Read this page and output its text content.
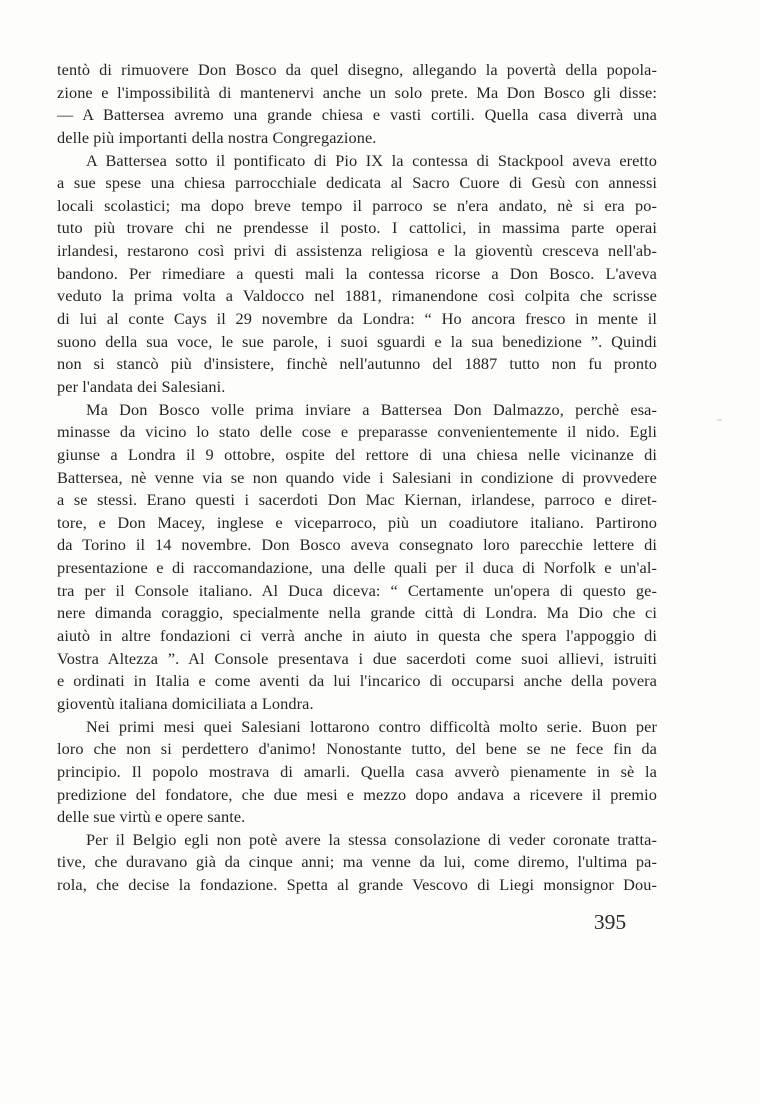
tentò di rimuovere Don Bosco da quel disegno, allegando la povertà della popola-
zione e l'impossibilità di mantenervi anche un solo prete. Ma Don Bosco gli disse:
— A Battersea avremo una grande chiesa e vasti cortili. Quella casa diverrà una
delle più importanti della nostra Congregazione.
A Battersea sotto il pontificato di Pio IX la contessa di Stackpool aveva eretto
a sue spese una chiesa parrocchiale dedicata al Sacro Cuore di Gesù con annessi
locali scolastici; ma dopo breve tempo il parroco se n'era andato, nè si era po-
tuto più trovare chi ne prendesse il posto. I cattolici, in massima parte operai
irlandesi, restarono così privi di assistenza religiosa e la gioventù cresceva nell'ab-
bandono. Per rimediare a questi mali la contessa ricorse a Don Bosco. L'aveva
veduto la prima volta a Valdocco nel 1881, rimanendone così colpita che scrisse
di lui al conte Cays il 29 novembre da Londra: “ Ho ancora fresco in mente il
suono della sua voce, le sue parole, i suoi sguardi e la sua benedizione ”. Quindi
non si stancò più d'insistere, finchè nell'autunno del 1887 tutto non fu pronto
per l'andata dei Salesiani.
Ma Don Bosco volle prima inviare a Battersea Don Dalmazzo, perchè esa-
minasse da vicino lo stato delle cose e preparasse convenientemente il nido. Egli
giunse a Londra il 9 ottobre, ospite del rettore di una chiesa nelle vicinanze di
Battersea, nè venne via se non quando vide i Salesiani in condizione di provvedere
a se stessi. Erano questi i sacerdoti Don Mac Kiernan, irlandese, parroco e diret-
tore, e Don Macey, inglese e viceparroco, più un coadiutore italiano. Partirono
da Torino il 14 novembre. Don Bosco aveva consegnato loro parecchie lettere di
presentazione e di raccomandazione, una delle quali per il duca di Norfolk e un'al-
tra per il Console italiano. Al Duca diceva: “ Certamente un'opera di questo ge-
nere dimanda coraggio, specialmente nella grande città di Londra. Ma Dio che ci
aiutò in altre fondazioni ci verrà anche in aiuto in questa che spera l'appoggio di
Vostra Altezza ”. Al Console presentava i due sacerdoti come suoi allievi, istruiti
e ordinati in Italia e come aventi da lui l'incarico di occuparsi anche della povera
gioventù italiana domiciliata a Londra.
Nei primi mesi quei Salesiani lottarono contro difficoltà molto serie. Buon per
loro che non si perdettero d'animo! Nonostante tutto, del bene se ne fece fin da
principio. Il popolo mostrava di amarli. Quella casa avverò pienamente in sè la
predizione del fondatore, che due mesi e mezzo dopo andava a ricevere il premio
delle sue virtù e opere sante.
Per il Belgio egli non potè avere la stessa consolazione di veder coronate tratta-
tive, che duravano già da cinque anni; ma venne da lui, come diremo, l'ultima pa-
rola, che decise la fondazione. Spetta al grande Vescovo di Liegi monsignor Dou-
395
